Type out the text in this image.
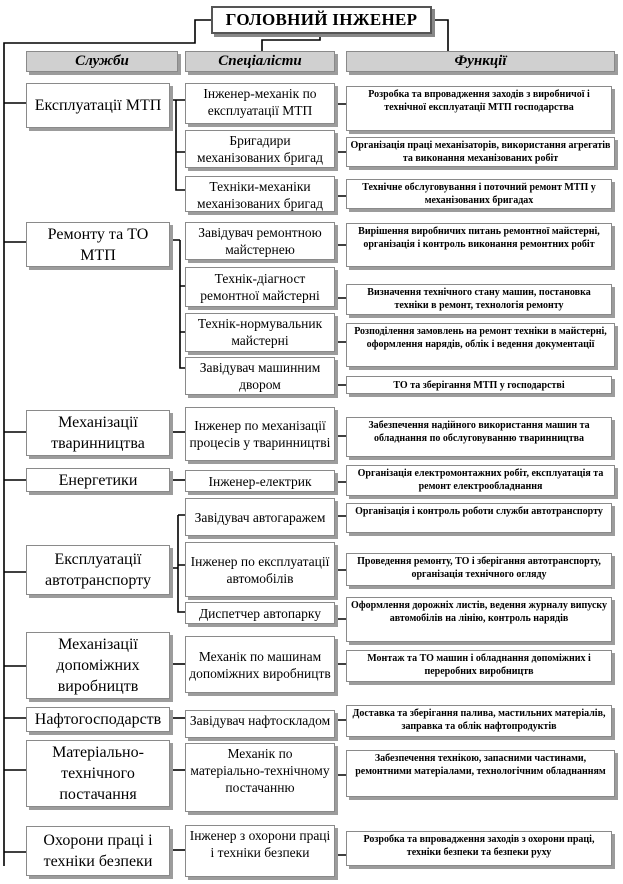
ГОЛОВНИЙ ІНЖЕНЕР
Служби	Спеціалісти	Функції
Експлуатації МТП
Ремонту та ТО МТП
Механізації тваринництва
Енергетики
Експлуатації автотранспорту
Механізації допоміжних виробництв
Нафтогосподарств
Матеріально-технічного постачання
Охорони праці і техніки безпеки
Інженер-механік по експлуатації МТП
Бригадири механізованих бригад
Техніки-механіки механізованих бригад
Завідувач ремонтною майстернею
Технік-діагност ремонтної майстерні
Технік-нормувальник майстерні
Завідувач машинним двором
Інженер по механізації процесів у тваринництві
Інженер-електрик
Завідувач автогаражем
Інженер по експлуатації автомобілів
Диспетчер автопарку
Механік по машинам допоміжних виробництв
Завідувач нафтоскладом
Механік по матеріально-технічному постачанню
Інженер з охорони праці і техніки безпеки
Розробка та впровадження заходів з виробничої і технічної експлуатації МТП господарства
Організація праці механізаторів, використання агрегатів та виконання механізованих робіт
Технічне обслуговування і поточний ремонт МТП у механізованих бригадах
Вирішення виробничих питань ремонтної майстерні, організація і контроль виконання ремонтних робіт
Визначення технічного стану машин, постановка техніки в ремонт, технологія ремонту
Розподілення замовлень на ремонт техніки в майстерні, оформлення нарядів, облік і ведення документації
ТО та зберігання МТП у господарстві
Забезпечення надійного використання машин та обладнання по обслуговуванню тваринництва
Організація електромонтажних робіт, експлуатація та ремонт електрообладнання
Організація і контроль роботи служби автотранспорту
Проведення ремонту, ТО і зберігання автотранспорту, організація технічного огляду
Оформлення дорожніх листів, ведення журналу випуску автомобілів на лінію, контроль нарядів
Монтаж та ТО машин і обладнання допоміжних і переробних виробництв
Доставка та зберігання палива, мастильних матеріалів, заправка та облік нафтопродуктів
Забезпечення технікою, запасними частинами, ремонтними матеріалами, технологічним обладнанням
Розробка та впровадження заходів з охорони праці, техніки безпеки та безпеки руху
